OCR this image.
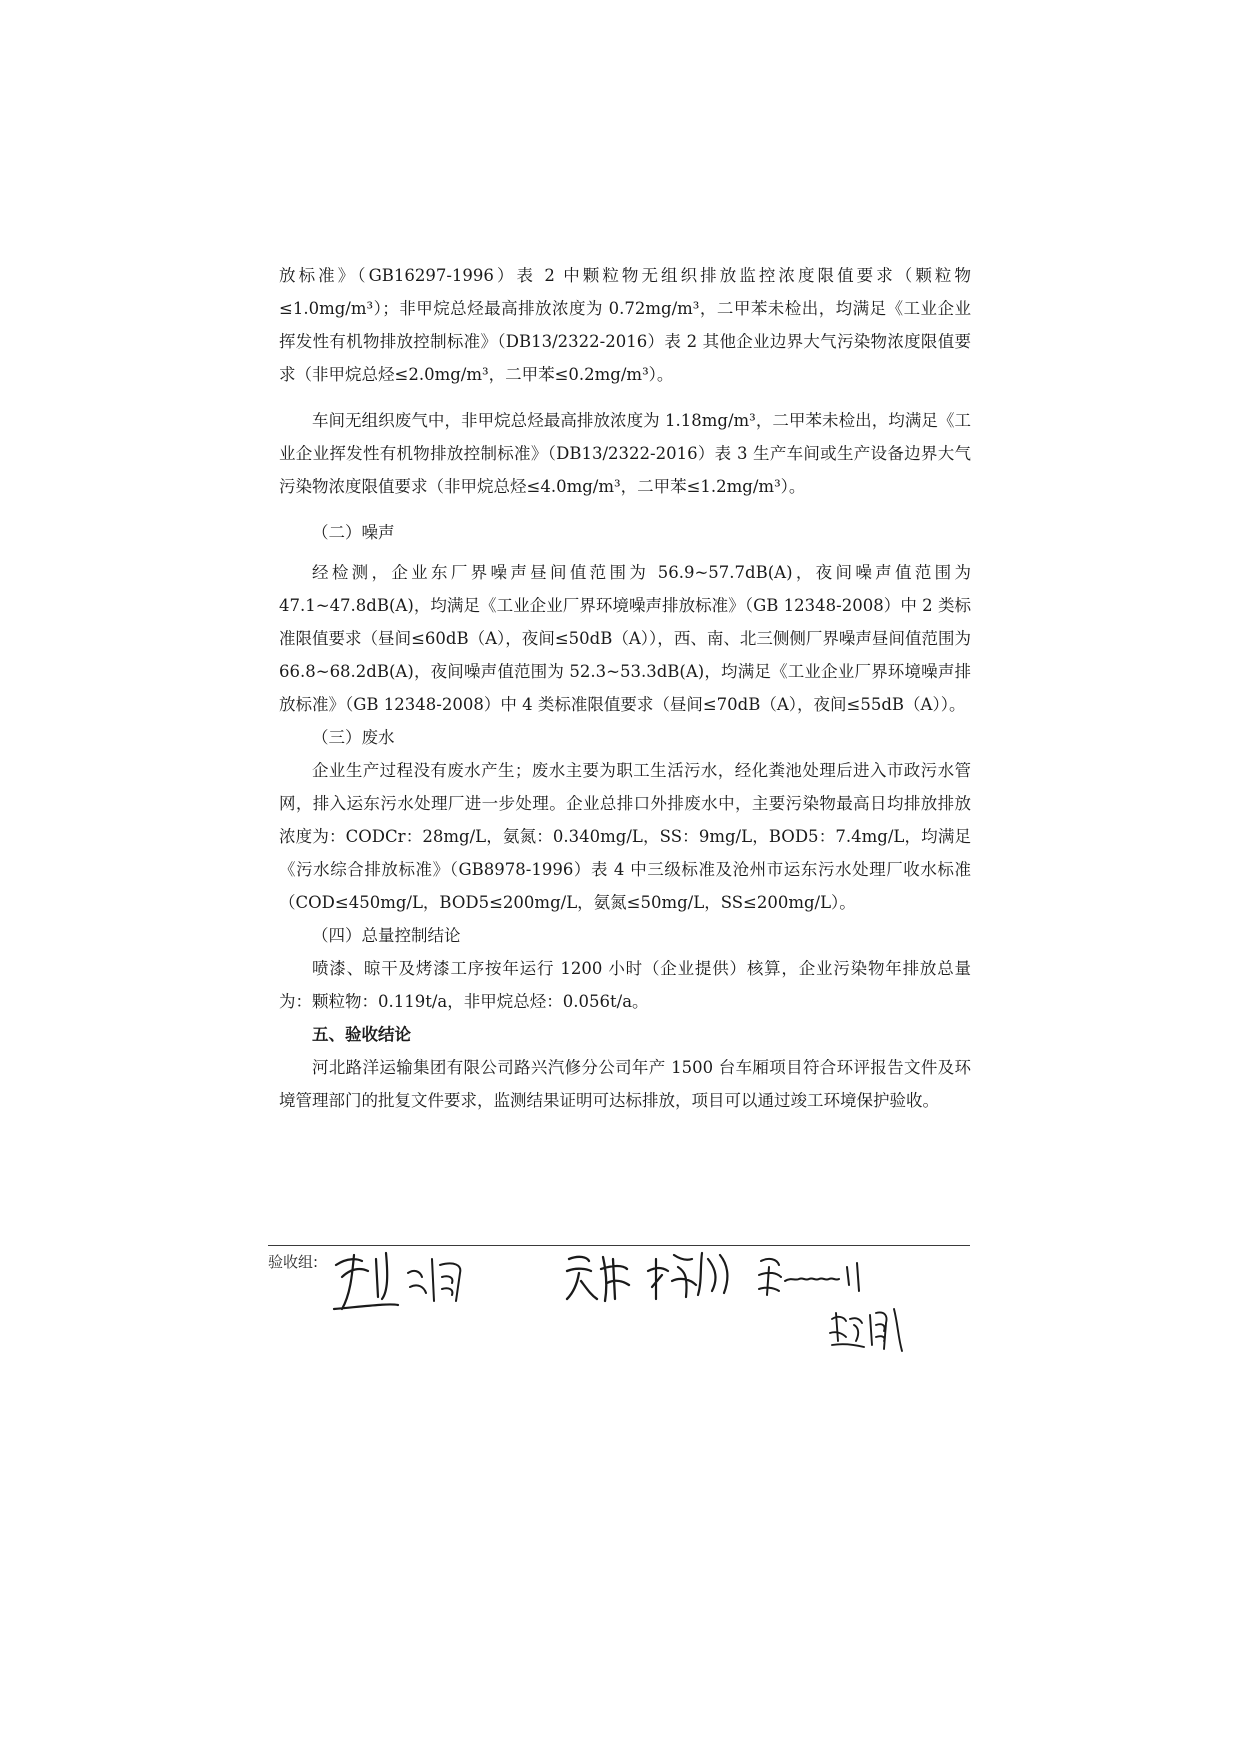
放标准》（GB16297-1996）表 2 中颗粒物无组织排放监控浓度限值要求（颗粒物≤1.0mg/m³）；非甲烷总烃最高排放浓度为 0.72mg/m³，二甲苯未检出，均满足《工业企业挥发性有机物排放控制标准》（DB13/2322-2016）表 2 其他企业边界大气污染物浓度限值要求（非甲烷总烃≤2.0mg/m³，二甲苯≤0.2mg/m³）。

车间无组织废气中，非甲烷总烃最高排放浓度为 1.18mg/m³，二甲苯未检出，均满足《工业企业挥发性有机物排放控制标准》（DB13/2322-2016）表 3 生产车间或生产设备边界大气污染物浓度限值要求（非甲烷总烃≤4.0mg/m³，二甲苯≤1.2mg/m³）。

（二）噪声

经检测，企业东厂界噪声昼间值范围为 56.9~57.7dB(A)，夜间噪声值范围为 47.1~47.8dB(A)，均满足《工业企业厂界环境噪声排放标准》（GB 12348-2008）中 2 类标准限值要求（昼间≤60dB（A），夜间≤50dB（A）），西、南、北三侧侧厂界噪声昼间值范围为 66.8~68.2dB(A)，夜间噪声值范围为 52.3~53.3dB(A)，均满足《工业企业厂界环境噪声排放标准》（GB 12348-2008）中 4 类标准限值要求（昼间≤70dB（A），夜间≤55dB（A））。

（三）废水

企业生产过程没有废水产生；废水主要为职工生活污水，经化粪池处理后进入市政污水管网，排入运东污水处理厂进一步处理。企业总排口外排废水中，主要污染物最高日均排放排放浓度为：CODCr：28mg/L，氨氮：0.340mg/L，SS：9mg/L，BOD5：7.4mg/L，均满足《污水综合排放标准》（GB8978-1996）表 4 中三级标准及沧州市运东污水处理厂收水标准（COD≤450mg/L，BOD5≤200mg/L，氨氮≤50mg/L，SS≤200mg/L）。

（四）总量控制结论

喷漆、晾干及烤漆工序按年运行 1200 小时（企业提供）核算，企业污染物年排放总量为：颗粒物：0.119t/a，非甲烷总烃：0.056t/a。

五、验收结论

河北路洋运输集团有限公司路兴汽修分公司年产 1500 台车厢项目符合环评报告文件及环境管理部门的批复文件要求，监测结果证明可达标排放，项目可以通过竣工环境保护验收。

验收组:
